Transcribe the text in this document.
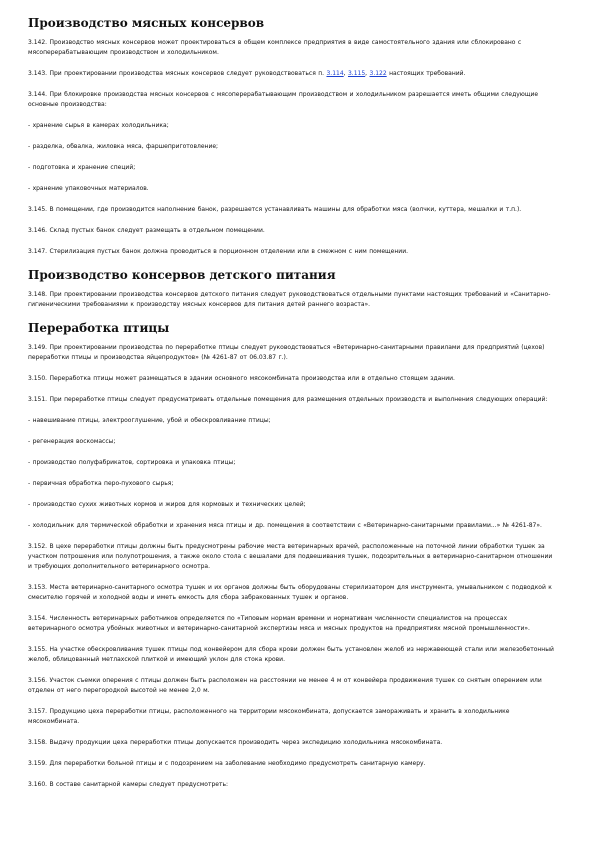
Производство мясных консервов

3.142. Производство мясных консервов может проектироваться в общем комплексе предприятия в виде самостоятельного здания или сблокировано с мясоперерабатывающим производством и холодильником.

3.143. При проектировании производства мясных консервов следует руководствоваться п. 3.114, 3.115, 3.122 настоящих требований.

3.144. При блокировке производства мясных консервов с мясоперерабатывающим производством и холодильником разрешается иметь общими следующие основные производства:

- хранение сырья в камерах холодильника;

- разделка, обвалка, жиловка мяса, фаршеприготовление;

- подготовка и хранение специй;

- хранение упаковочных материалов.

3.145. В помещении, где производится наполнение банок, разрешается устанавливать машины для обработки мяса (волчки, куттера, мешалки и т.п.).

3.146. Склад пустых банок следует размещать в отдельном помещении.

3.147. Стерилизация пустых банок должна проводиться в порционном отделении или в смежном с ним помещении.

Производство консервов детского питания

3.148. При проектировании производства консервов детского питания следует руководствоваться отдельными пунктами настоящих требований и «Санитарно-гигиеническими требованиями к производству мясных консервов для питания детей раннего возраста».

Переработка птицы

3.149. При проектировании производства по переработке птицы следует руководствоваться «Ветеринарно-санитарными правилами для предприятий (цехов) переработки птицы и производства яйцепродуктов» (№ 4261-87 от 06.03.87 г.).

3.150. Переработка птицы может размещаться в здании основного мясокомбината производства или в отдельно стоящем здании.

3.151. При переработке птицы следует предусматривать отдельные помещения для размещения отдельных производств и выполнения следующих операций:

- навешивание птицы, электрооглушение, убой и обескровливание птицы;

- регенерация воскомассы;

- производство полуфабрикатов, сортировка и упаковка птицы;

- первичная обработка перо-пухового сырья;

- производство сухих животных кормов и жиров для кормовых и технических целей;

- холодильник для термической обработки и хранения мяса птицы и др. помещения в соответствии с «Ветеринарно-санитарными правилами...» № 4261-87».

3.152. В цехе переработки птицы должны быть предусмотрены рабочие места ветеринарных врачей, расположенные на поточной линии обработки тушек за участком потрошения или полупотрошения, а также около стола с вешалами для подвешивания тушек, подозрительных в ветеринарно-санитарном отношении и требующих дополнительного ветеринарного осмотра.

3.153. Места ветеринарно-санитарного осмотра тушек и их органов должны быть оборудованы стерилизатором для инструмента, умывальником с подводкой к смесителю горячей и холодной воды и иметь емкость для сбора забракованных тушек и органов.

3.154. Численность ветеринарных работников определяется по «Типовым нормам времени и нормативам численности специалистов на процессах ветеринарного осмотра убойных животных и ветеринарно-санитарной экспертизы мяса и мясных продуктов на предприятиях мясной промышленности».

3.155. На участке обескровливания тушек птицы под конвейером для сбора крови должен быть установлен желоб из нержавеющей стали или железобетонный желоб, облицованный метлахской плиткой и имеющий уклон для стока крови.

3.156. Участок съемки оперения с птицы должен быть расположен на расстоянии не менее 4 м от конвейера продвижения тушек со снятым оперением или отделен от него перегородкой высотой не менее 2,0 м.

3.157. Продукцию цеха переработки птицы, расположенного на территории мясокомбината, допускается замораживать и хранить в холодильнике мясокомбината.

3.158. Выдачу продукции цеха переработки птицы допускается производить через экспедицию холодильника мясокомбината.

3.159. Для переработки больной птицы и с подозрением на заболевание необходимо предусмотреть санитарную камеру.

3.160. В составе санитарной камеры следует предусмотреть:
